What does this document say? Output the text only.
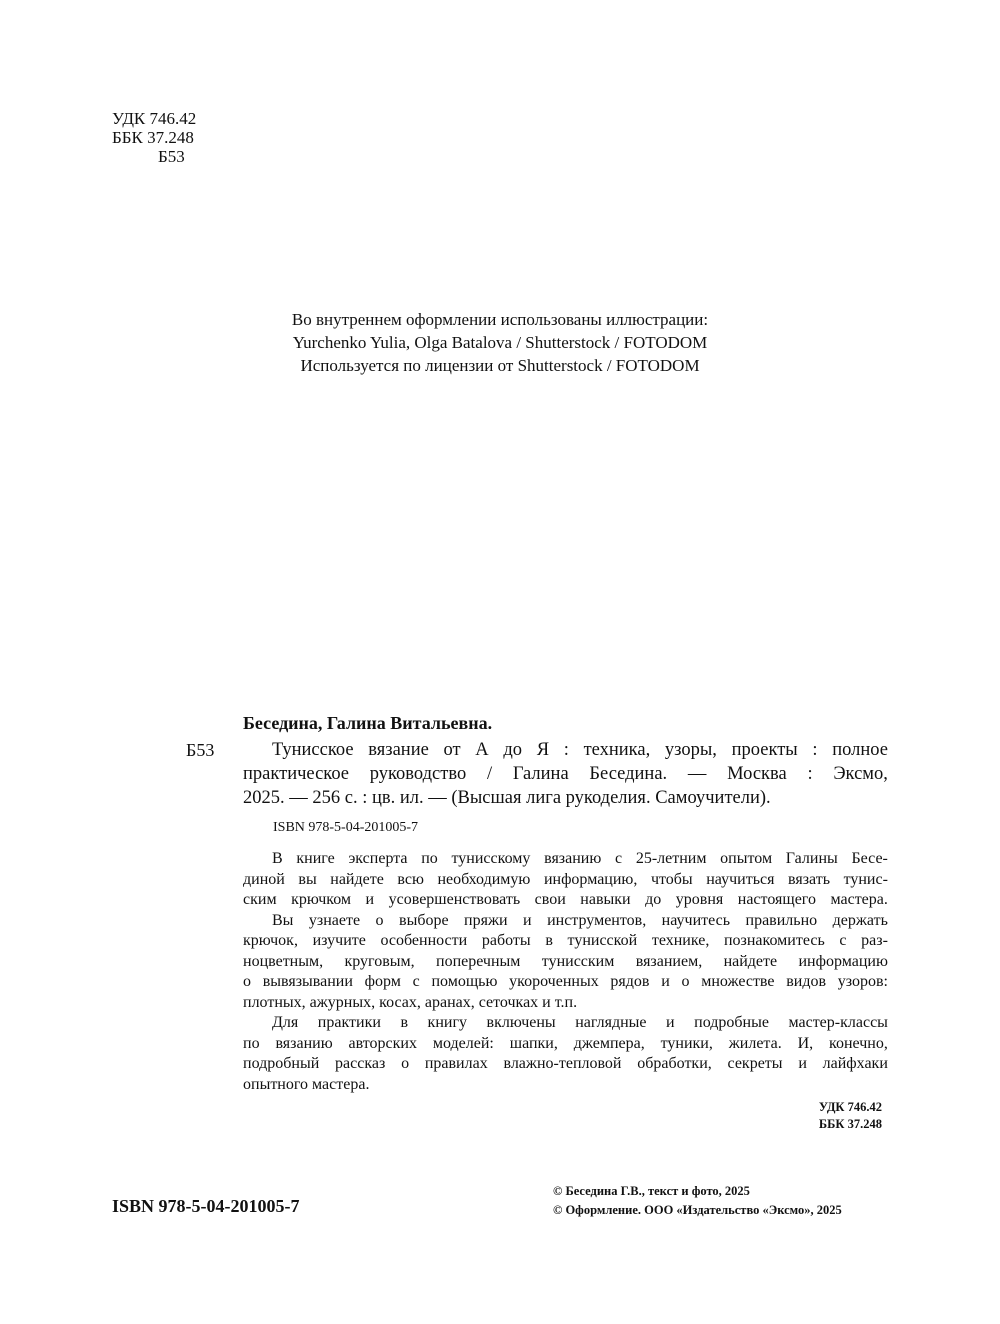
УДК 746.42
ББК 37.248
Б53
Во внутреннем оформлении использованы иллюстрации:
Yurchenko Yulia, Olga Batalova / Shutterstock / FOTODOM
Используется по лицензии от Shutterstock / FOTODOM
Беседина, Галина Витальевна.
Б53	Тунисское вязание от А до Я : техника, узоры, проекты : полное
практическое руководство / Галина Беседина. — Москва : Эксмо,
2025. — 256 с. : цв. ил. — (Высшая лига рукоделия. Самоучители).
ISBN 978-5-04-201005-7
В книге эксперта по тунисскому вязанию с 25-летним опытом Галины Бесе-
диной вы найдете всю необходимую информацию, чтобы научиться вязать тунис-
ским крючком и усовершенствовать свои навыки до уровня настоящего мастера.
Вы узнаете о выборе пряжи и инструментов, научитесь правильно держать
крючок, изучите особенности работы в тунисской технике, познакомитесь с раз-
ноцветным, круговым, поперечным тунисским вязанием, найдете информацию
о вывязывании форм с помощью укороченных рядов и о множестве видов узоров:
плотных, ажурных, косах, аранах, сеточках и т.п.
Для практики в книгу включены наглядные и подробные мастер-классы
по вязанию авторских моделей: шапки, джемпера, туники, жилета. И, конечно,
подробный рассказ о правилах влажно-тепловой обработки, секреты и лайфхаки
опытного мастера.
УДК 746.42
ББК 37.248
ISBN 978-5-04-201005-7
© Беседина Г.В., текст и фото, 2025
© Оформление. ООО «Издательство «Эксмо», 2025
